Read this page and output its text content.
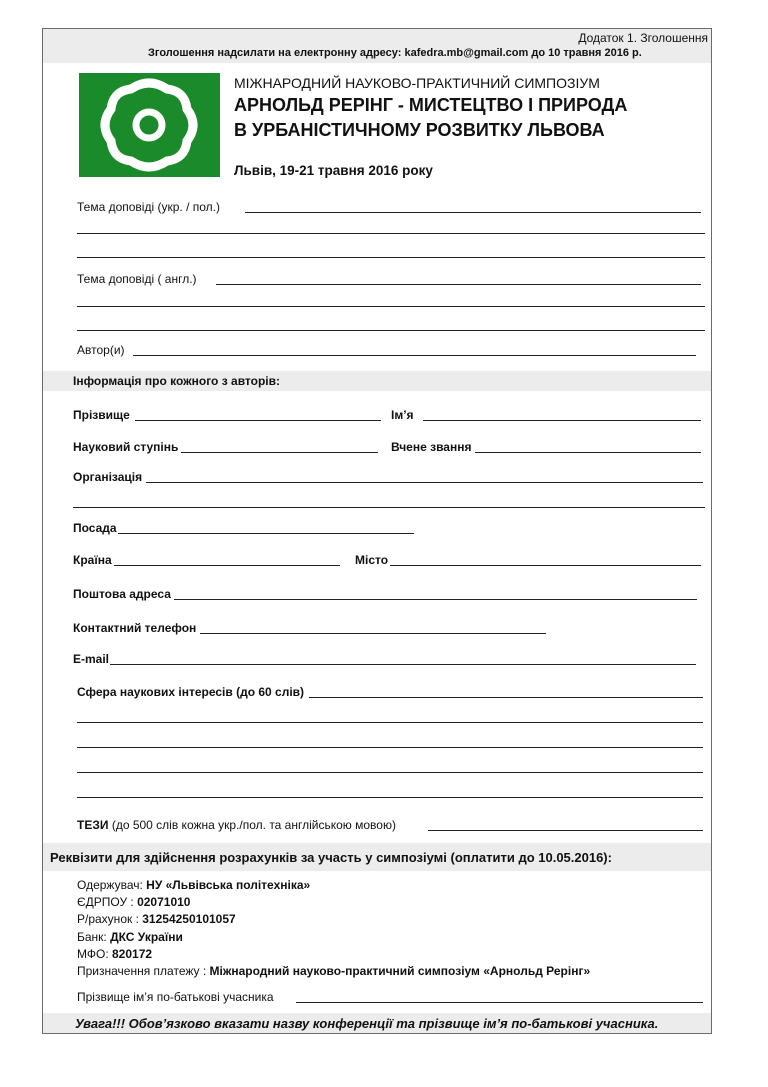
Додаток 1. Зголошення
Зголошення надсилати на електронну адресу: kafedra.mb@gmail.com до 10 травня 2016 р.
МІЖНАРОДНИЙ НАУКОВО-ПРАКТИЧНИЙ СИМПОЗІУМ
АРНОЛЬД РЕРІНГ - МИСТЕЦТВО І ПРИРОДА
В УРБАНІСТИЧНОМУ РОЗВИТКУ ЛЬВОВА
Львів, 19-21 травня 2016 року
Тема доповіді (укр. / пол.)
Тема доповіді ( англ.)
Автор(и)
Інформація про кожного з авторів:
Прізвище	Ім’я
Науковий ступінь	Вчене звання
Організація
Посада
Країна	Місто
Поштова адреса
Контактний телефон
E-mail
Сфера наукових інтересів (до 60 слів)
ТЕЗИ (до 500 слів кожна укр./пол. та англійською мовою)
Реквізити для здійснення розрахунків за участь у симпозіумі (оплатити до 10.05.2016):
Одержувач: НУ «Львівська політехніка»
ЄДРПОУ : 02071010
Р/рахунок : 31254250101057
Банк: ДКС України
МФО: 820172
Призначення платежу : Міжнародний науково-практичний симпозіум «Арнольд Рерінг»
Прізвище ім’я по-батькові учасника
Увага!!! Обов’язково вказати назву конференції та прізвище ім’я по-батькові учасника.
